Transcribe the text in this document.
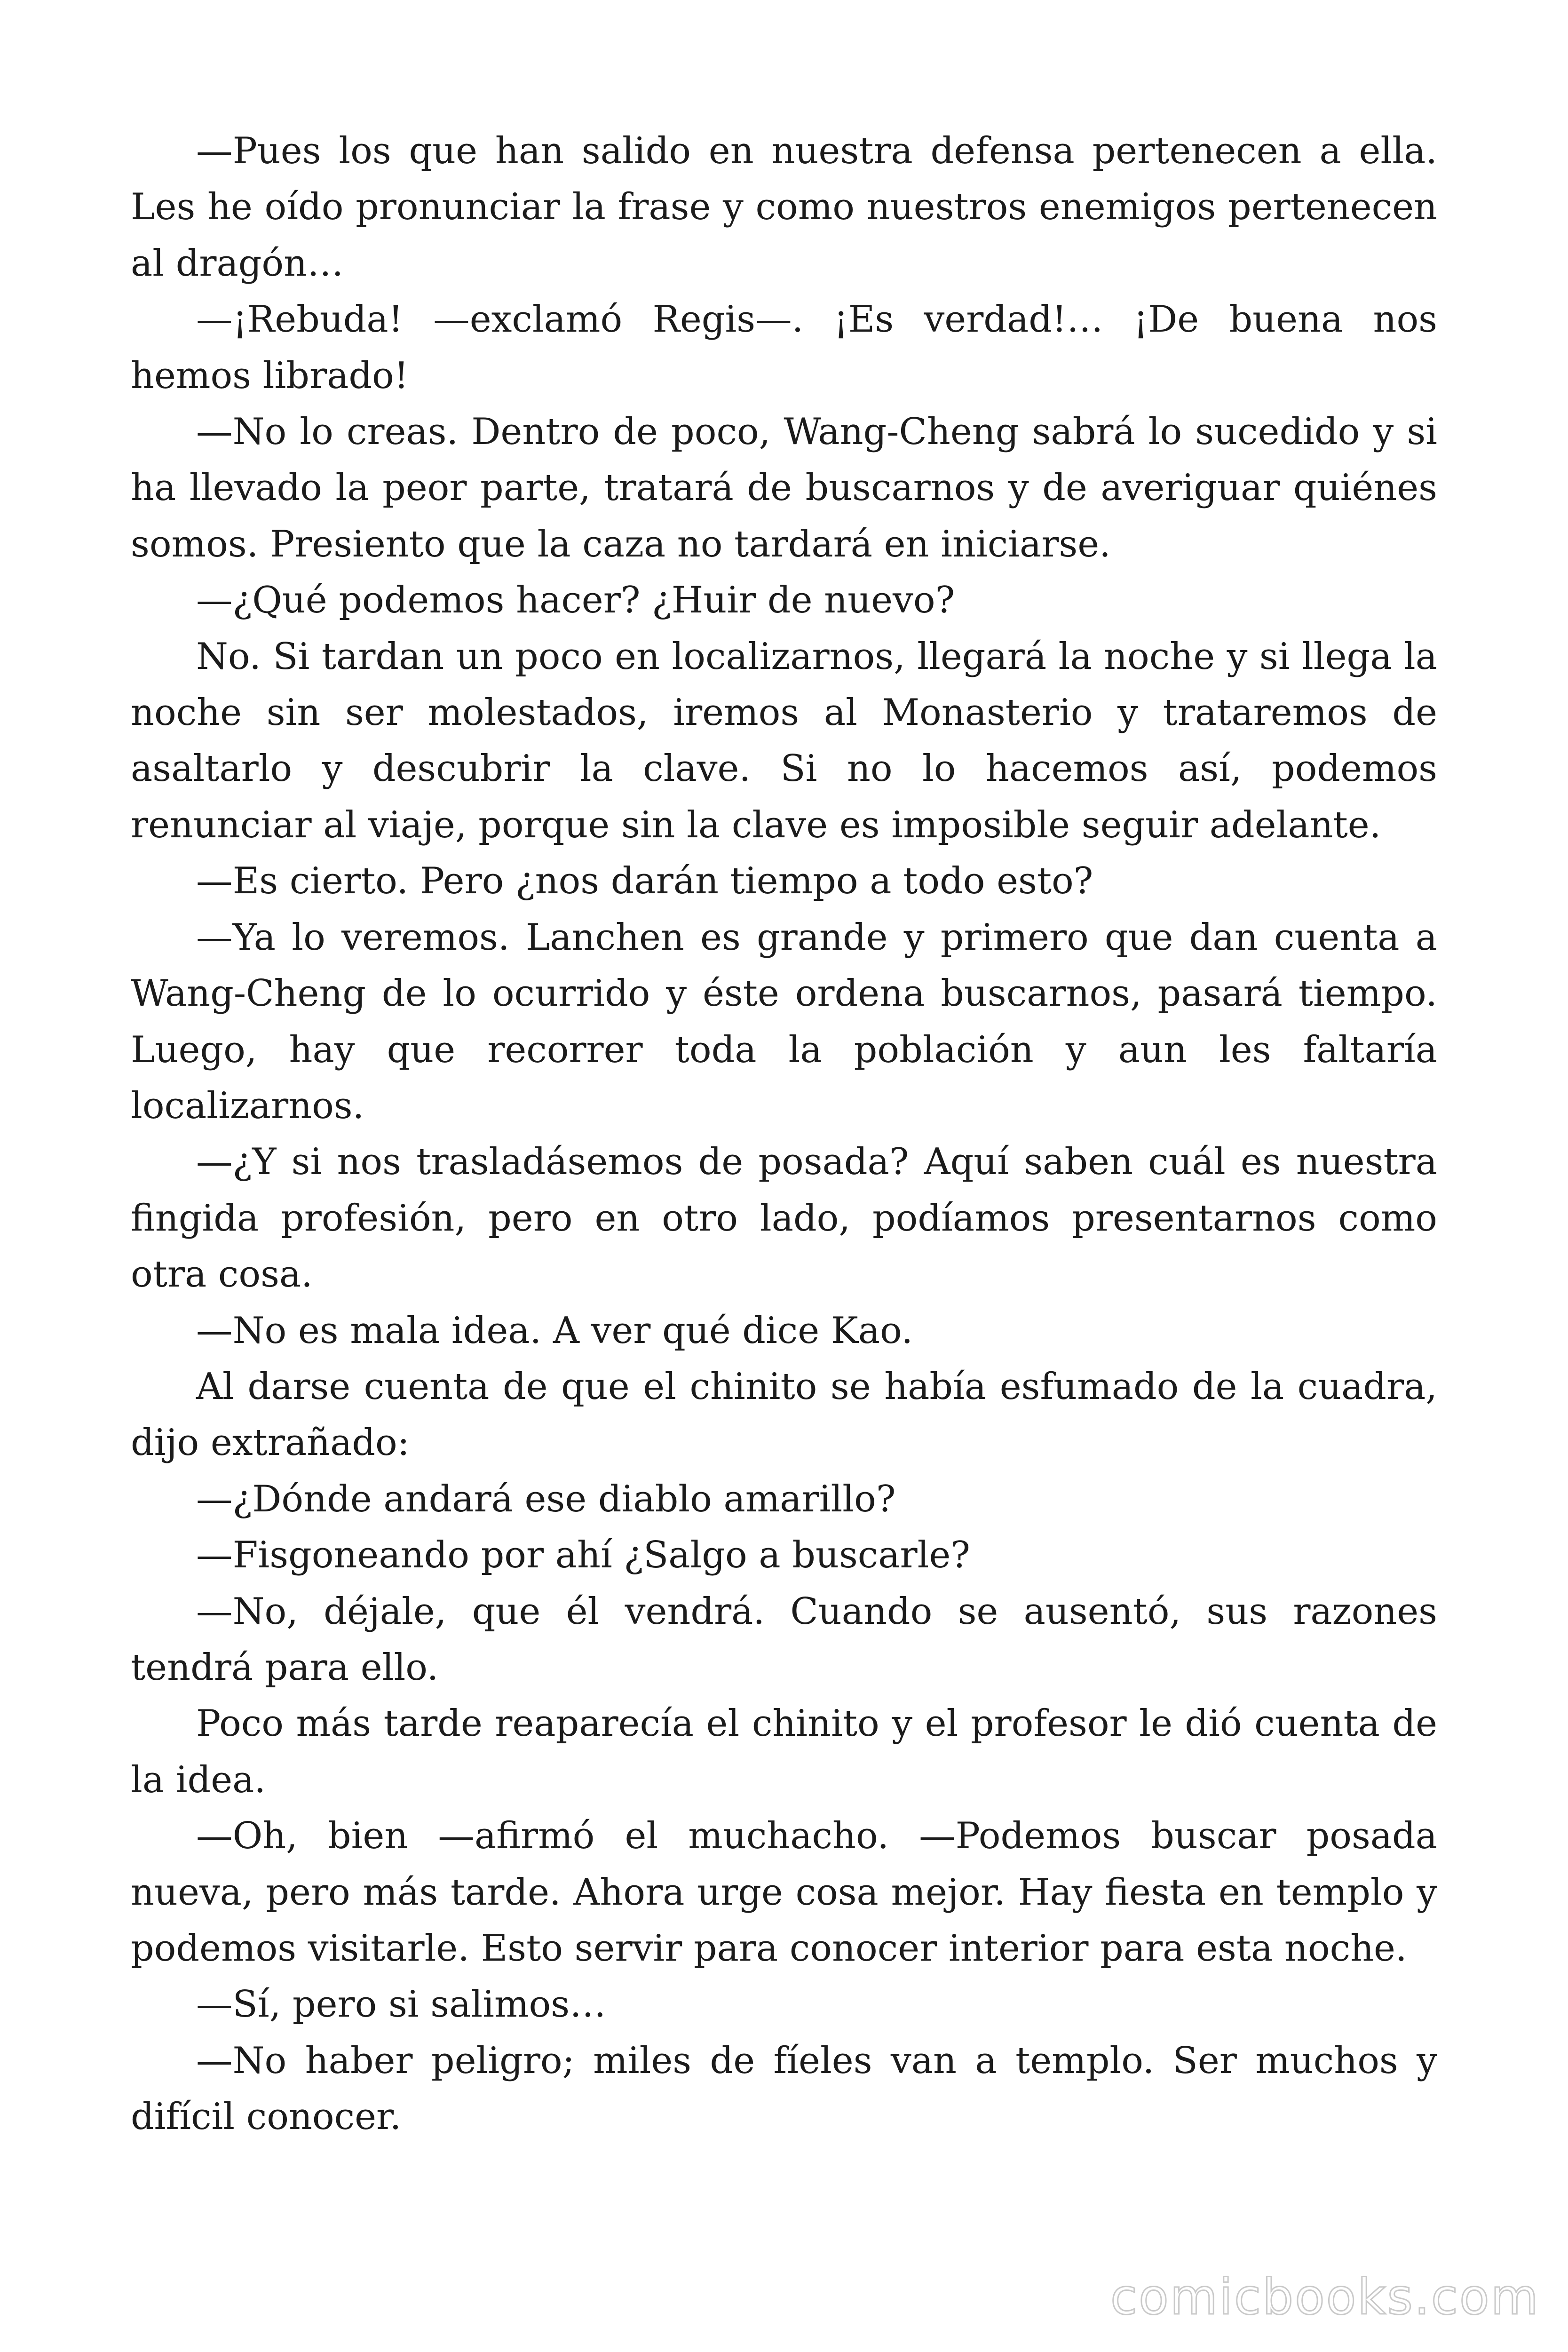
—Pues los que han salido en nuestra defensa pertenecen a ella. Les he oído pronunciar la frase y como nuestros enemigos pertenecen al dragón…

—¡Rebuda! —exclamó Regis—. ¡Es verdad!… ¡De buena nos hemos librado!

—No lo creas. Dentro de poco, Wang-Cheng sabrá lo sucedido y si ha llevado la peor parte, tratará de buscarnos y de averiguar quiénes somos. Presiento que la caza no tardará en iniciarse.

—¿Qué podemos hacer? ¿Huir de nuevo?

No. Si tardan un poco en localizarnos, llegará la noche y si llega la noche sin ser molestados, iremos al Monasterio y trataremos de asaltarlo y descubrir la clave. Si no lo hacemos así, podemos renunciar al viaje, porque sin la clave es imposible seguir adelante.

—Es cierto. Pero ¿nos darán tiempo a todo esto?

—Ya lo veremos. Lanchen es grande y primero que dan cuenta a Wang-Cheng de lo ocurrido y éste ordena buscarnos, pasará tiempo. Luego, hay que recorrer toda la población y aun les faltaría localizarnos.

—¿Y si nos trasladásemos de posada? Aquí saben cuál es nuestra fingida profesión, pero en otro lado, podíamos presentarnos como otra cosa.

—No es mala idea. A ver qué dice Kao.

Al darse cuenta de que el chinito se había esfumado de la cuadra, dijo extrañado:

—¿Dónde andará ese diablo amarillo?

—Fisgoneando por ahí ¿Salgo a buscarle?

—No, déjale, que él vendrá. Cuando se ausentó, sus razones tendrá para ello.

Poco más tarde reaparecía el chinito y el profesor le dió cuenta de la idea.

—Oh, bien —afirmó el muchacho. —Podemos buscar posada nueva, pero más tarde. Ahora urge cosa mejor. Hay fiesta en templo y podemos visitarle. Esto servir para conocer interior para esta noche.

—Sí, pero si salimos…

—No haber peligro; miles de fíeles van a templo. Ser muchos y difícil conocer.

comicbooks.com
